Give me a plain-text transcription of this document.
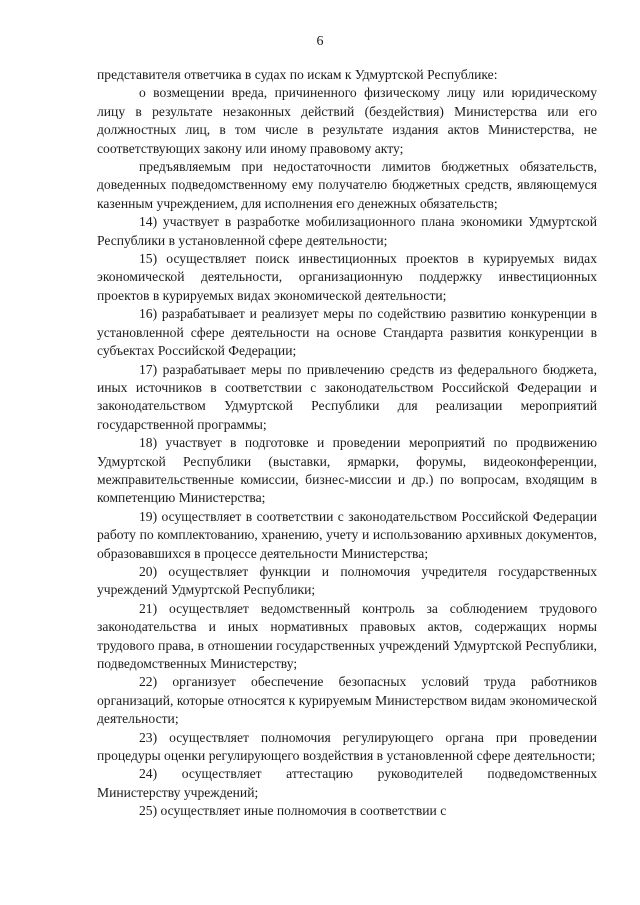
6

представителя ответчика в судах по искам к Удмуртской Республике:

о возмещении вреда, причиненного физическому лицу или юридическому лицу в результате незаконных действий (бездействия) Министерства или его должностных лиц, в том числе в результате издания актов Министерства, не соответствующих закону или иному правовому акту;

предъявляемым при недостаточности лимитов бюджетных обязательств, доведенных подведомственному ему получателю бюджетных средств, являющемуся казенным учреждением, для исполнения его денежных обязательств;

14) участвует в разработке мобилизационного плана экономики Удмуртской Республики в установленной сфере деятельности;

15) осуществляет поиск инвестиционных проектов в курируемых видах экономической деятельности, организационную поддержку инвестиционных проектов в курируемых видах экономической деятельности;

16) разрабатывает и реализует меры по содействию развитию конкуренции в установленной сфере деятельности на основе Стандарта развития конкуренции в субъектах Российской Федерации;

17) разрабатывает меры по привлечению средств из федерального бюджета, иных источников в соответствии с законодательством Российской Федерации и законодательством Удмуртской Республики для реализации мероприятий государственной программы;

18) участвует в подготовке и проведении мероприятий по продвижению Удмуртской Республики (выставки, ярмарки, форумы, видеоконференции, межправительственные комиссии, бизнес-миссии и др.) по вопросам, входящим в компетенцию Министерства;

19) осуществляет в соответствии с законодательством Российской Федерации работу по комплектованию, хранению, учету и использованию архивных документов, образовавшихся в процессе деятельности Министерства;

20) осуществляет функции и полномочия учредителя государственных учреждений Удмуртской Республики;

21) осуществляет ведомственный контроль за соблюдением трудового законодательства и иных нормативных правовых актов, содержащих нормы трудового права, в отношении государственных учреждений Удмуртской Республики, подведомственных Министерству;

22) организует обеспечение безопасных условий труда работников организаций, которые относятся к курируемым Министерством видам экономической деятельности;

23) осуществляет полномочия регулирующего органа при проведении процедуры оценки регулирующего воздействия в установленной сфере деятельности;

24) осуществляет аттестацию руководителей подведомственных Министерству учреждений;

25) осуществляет иные полномочия в соответствии с
